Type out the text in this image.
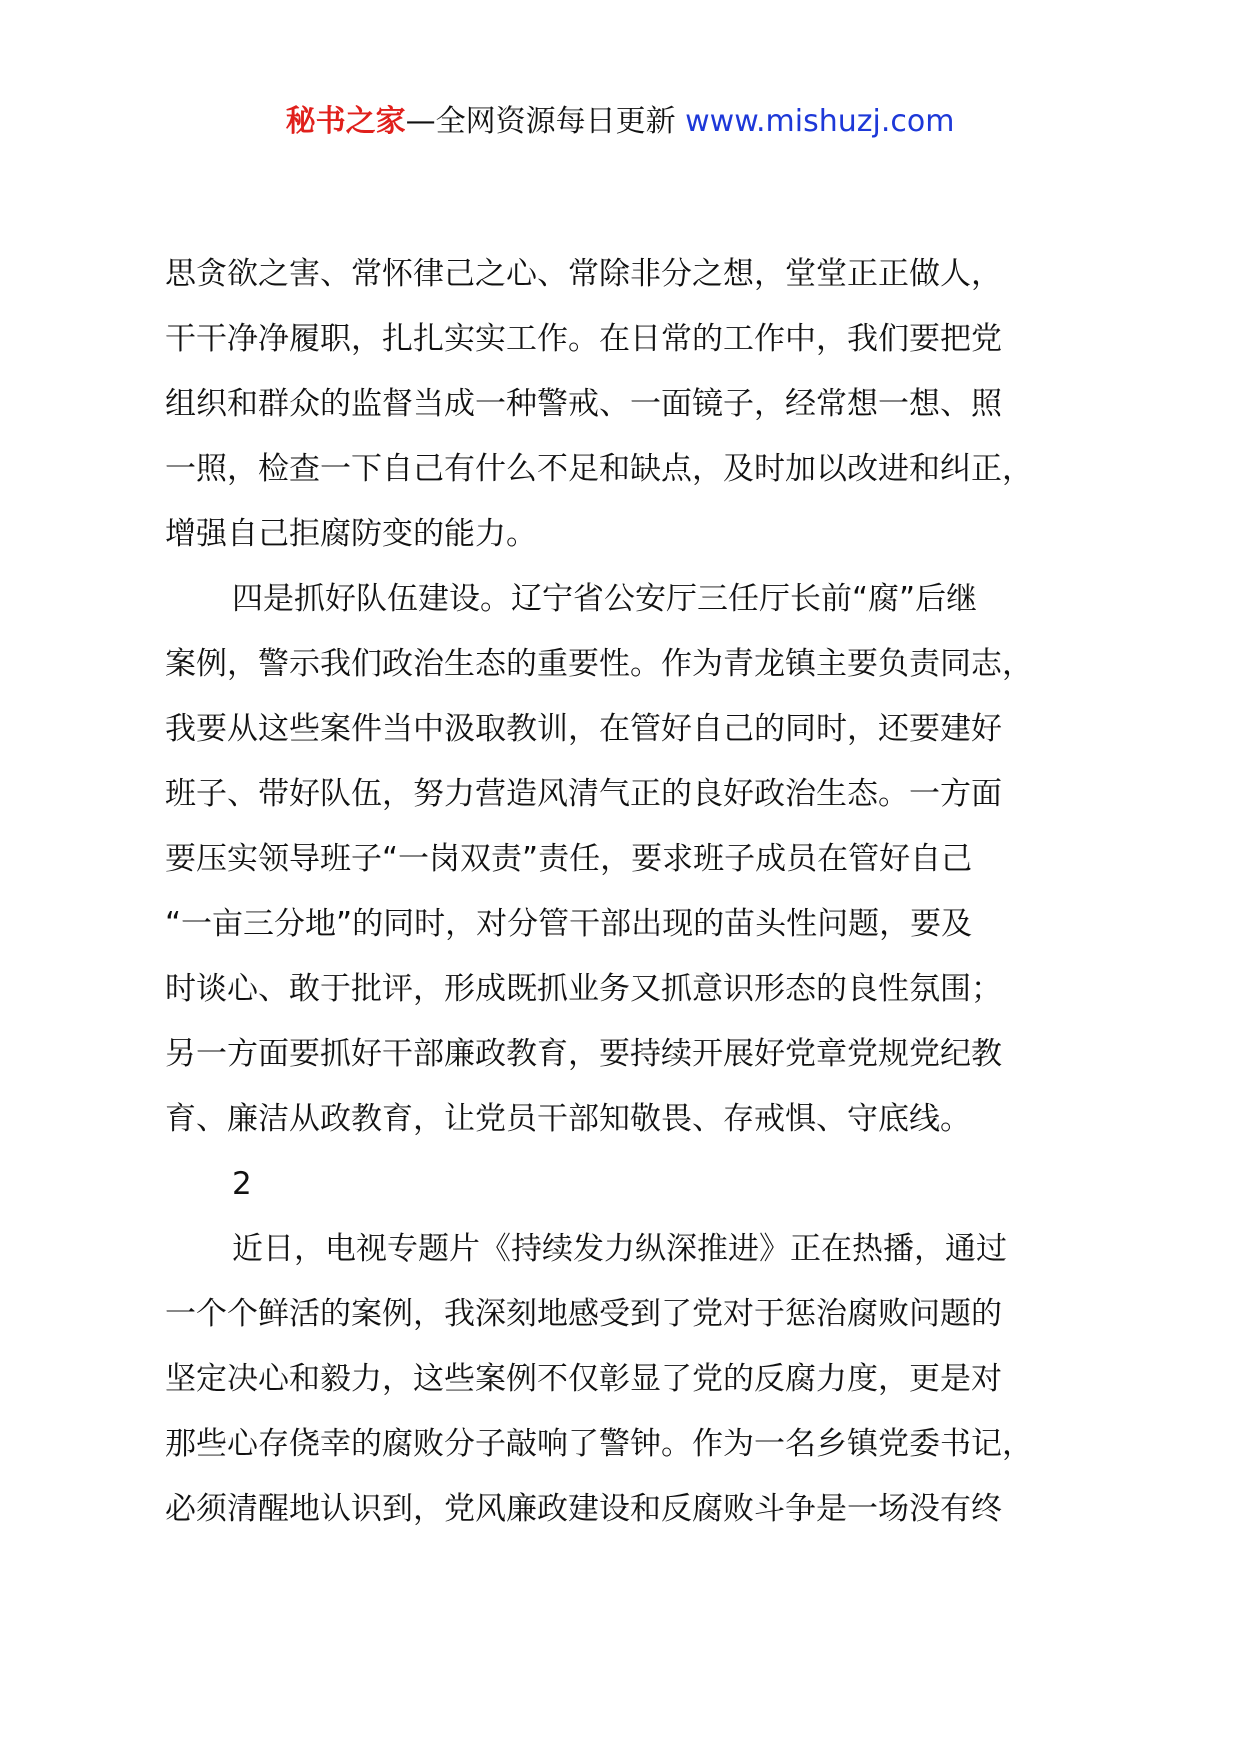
秘书之家—全网资源每日更新 www.mishuzj.com
思贪欲之害、常怀律己之心、常除非分之想，堂堂正正做人，
干干净净履职，扎扎实实工作。在日常的工作中，我们要把党
组织和群众的监督当成一种警戒、一面镜子，经常想一想、照
一照，检查一下自己有什么不足和缺点，及时加以改进和纠正，
增强自己拒腐防变的能力。
四是抓好队伍建设。辽宁省公安厅三任厅长前“腐”后继
案例，警示我们政治生态的重要性。作为青龙镇主要负责同志，
我要从这些案件当中汲取教训，在管好自己的同时，还要建好
班子、带好队伍，努力营造风清气正的良好政治生态。一方面
要压实领导班子“一岗双责”责任，要求班子成员在管好自己
“一亩三分地”的同时，对分管干部出现的苗头性问题，要及
时谈心、敢于批评，形成既抓业务又抓意识形态的良性氛围；
另一方面要抓好干部廉政教育，要持续开展好党章党规党纪教
育、廉洁从政教育，让党员干部知敬畏、存戒惧、守底线。
2
近日，电视专题片《持续发力纵深推进》正在热播，通过
一个个鲜活的案例，我深刻地感受到了党对于惩治腐败问题的
坚定决心和毅力，这些案例不仅彰显了党的反腐力度，更是对
那些心存侥幸的腐败分子敲响了警钟。作为一名乡镇党委书记，
必须清醒地认识到，党风廉政建设和反腐败斗争是一场没有终
